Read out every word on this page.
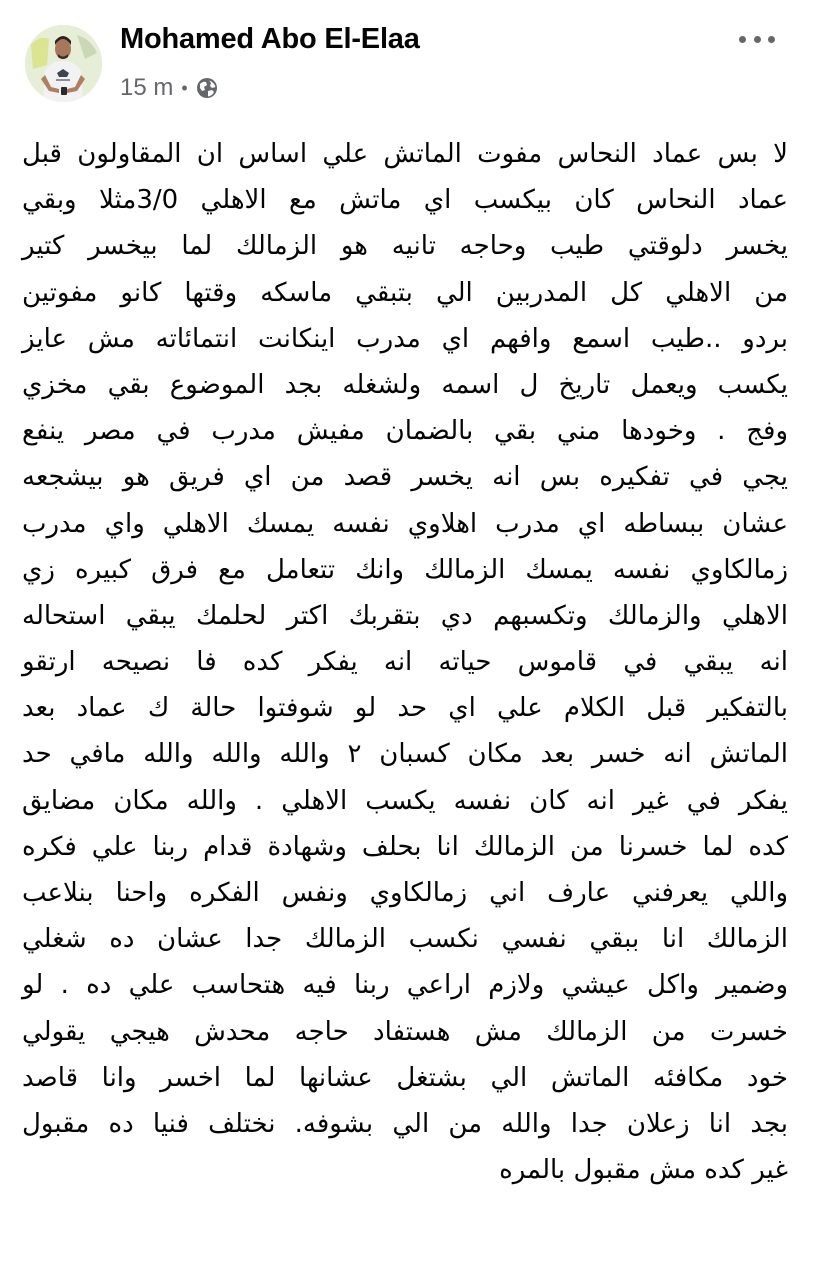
Mohamed Abo El-Elaa
15 m •
لا بس عماد النحاس مفوت الماتش علي اساس ان المقاولون قبل
عماد النحاس كان بيكسب اي ماتش مع الاهلي 3/0مثلا وبقي
يخسر دلوقتي طيب وحاجه تانيه هو الزمالك لما بيخسر كتير
من الاهلي كل المدربين الي بتبقي ماسكه وقتها كانو مفوتين
بردو ..طيب اسمع وافهم اي مدرب اينكانت انتمائاته مش عايز
يكسب ويعمل تاريخ ل اسمه ولشغله بجد الموضوع بقي مخزي
وفج . وخودها مني بقي بالضمان مفيش مدرب في مصر ينفع
يجي في تفكيره بس انه يخسر قصد من اي فريق هو بيشجعه
عشان ببساطه اي مدرب اهلاوي نفسه يمسك الاهلي واي مدرب
زمالكاوي نفسه يمسك الزمالك وانك تتعامل مع فرق كبيره زي
الاهلي والزمالك وتكسبهم دي بتقربك اكتر لحلمك يبقي استحاله
انه يبقي في قاموس حياته انه يفكر كده فا نصيحه ارتقو
بالتفكير قبل الكلام علي اي حد لو شوفتوا حالة ك عماد بعد
الماتش انه خسر بعد مكان كسبان ٢ والله والله والله مافي حد
يفكر في غير انه كان نفسه يكسب الاهلي . والله مكان مضايق
كده لما خسرنا من الزمالك انا بحلف وشهادة قدام ربنا علي فكره
واللي يعرفني عارف اني زمالكاوي ونفس الفكره واحنا بنلاعب
الزمالك انا ببقي نفسي نكسب الزمالك جدا عشان ده شغلي
وضمير واكل عيشي ولازم اراعي ربنا فيه هتحاسب علي ده . لو
خسرت من الزمالك مش هستفاد حاجه محدش هيجي يقولي
خود مكافئه الماتش الي بشتغل عشانها لما اخسر وانا قاصد
بجد انا زعلان جدا والله من الي بشوفه. نختلف فنيا ده مقبول
غير كده مش مقبول بالمره
